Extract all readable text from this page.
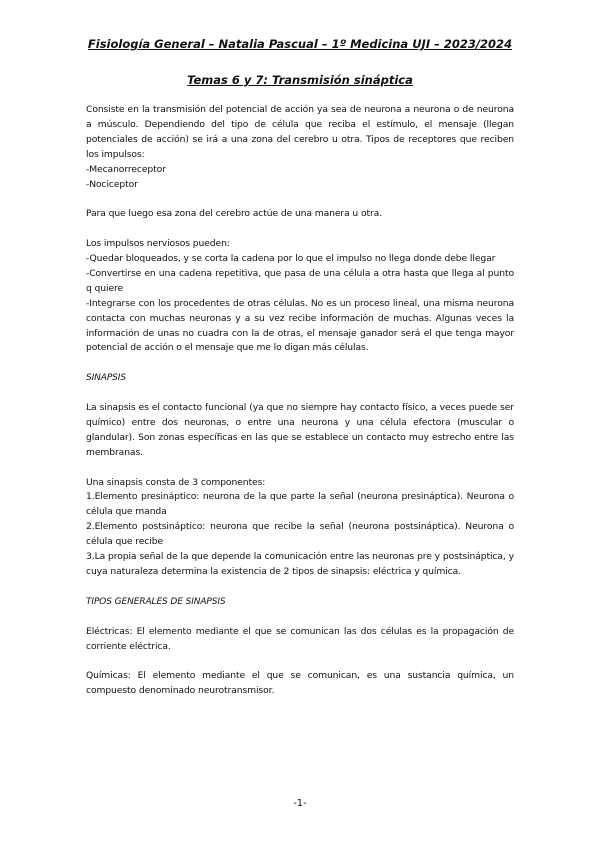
Fisiología General – Natalia Pascual – 1º Medicina UJI – 2023/2024
Temas 6 y 7: Transmisión sináptica

Consiste en la transmisión del potencial de acción ya sea de neurona a neurona o de neurona a músculo. Dependiendo del tipo de célula que reciba el estímulo, el mensaje (llegan potenciales de acción) se irá a una zona del cerebro u otra. Tipos de receptores que reciben los impulsos:

-Mecanorreceptor

-Nociceptor

Para que luego esa zona del cerebro actúe de una manera u otra.

Los impulsos nerviosos pueden:

-Quedar bloqueados, y se corta la cadena por lo que el impulso no llega donde debe llegar

-Convertirse en una cadena repetitiva, que pasa de una célula a otra hasta que llega al punto q quiere

-Integrarse con los procedentes de otras células. No es un proceso lineal, una misma neurona contacta con muchas neuronas y a su vez recibe información de muchas. Algunas veces la información de unas no cuadra con la de otras, el mensaje ganador será el que tenga mayor potencial de acción o el mensaje que me lo digan más células.

SINAPSIS

La sinapsis es el contacto funcional (ya que no siempre hay contacto físico, a veces puede ser químico) entre dos neuronas, o entre una neurona y una célula efectora (muscular o glandular). Son zonas específicas en las que se establece un contacto muy estrecho entre las membranas.

Una sinapsis consta de 3 componentes:

1.Elemento presináptico: neurona de la que parte la señal (neurona presináptica). Neurona o célula que manda

2.Elemento postsináptico: neurona que recibe la señal (neurona postsináptica). Neurona o célula que recibe

3.La propia señal de la que depende la comunicación entre las neuronas pre y postsináptica, y cuya naturaleza determina la existencia de 2 tipos de sinapsis: eléctrica y química.

TIPOS GENERALES DE SINAPSIS

Eléctricas: El elemento mediante el que se comunican las dos células es la propagación de corriente eléctrica.

Químicas: El elemento mediante el que se comunican, es una sustancia química, un compuesto denominado neurotransmisor.

-1-
